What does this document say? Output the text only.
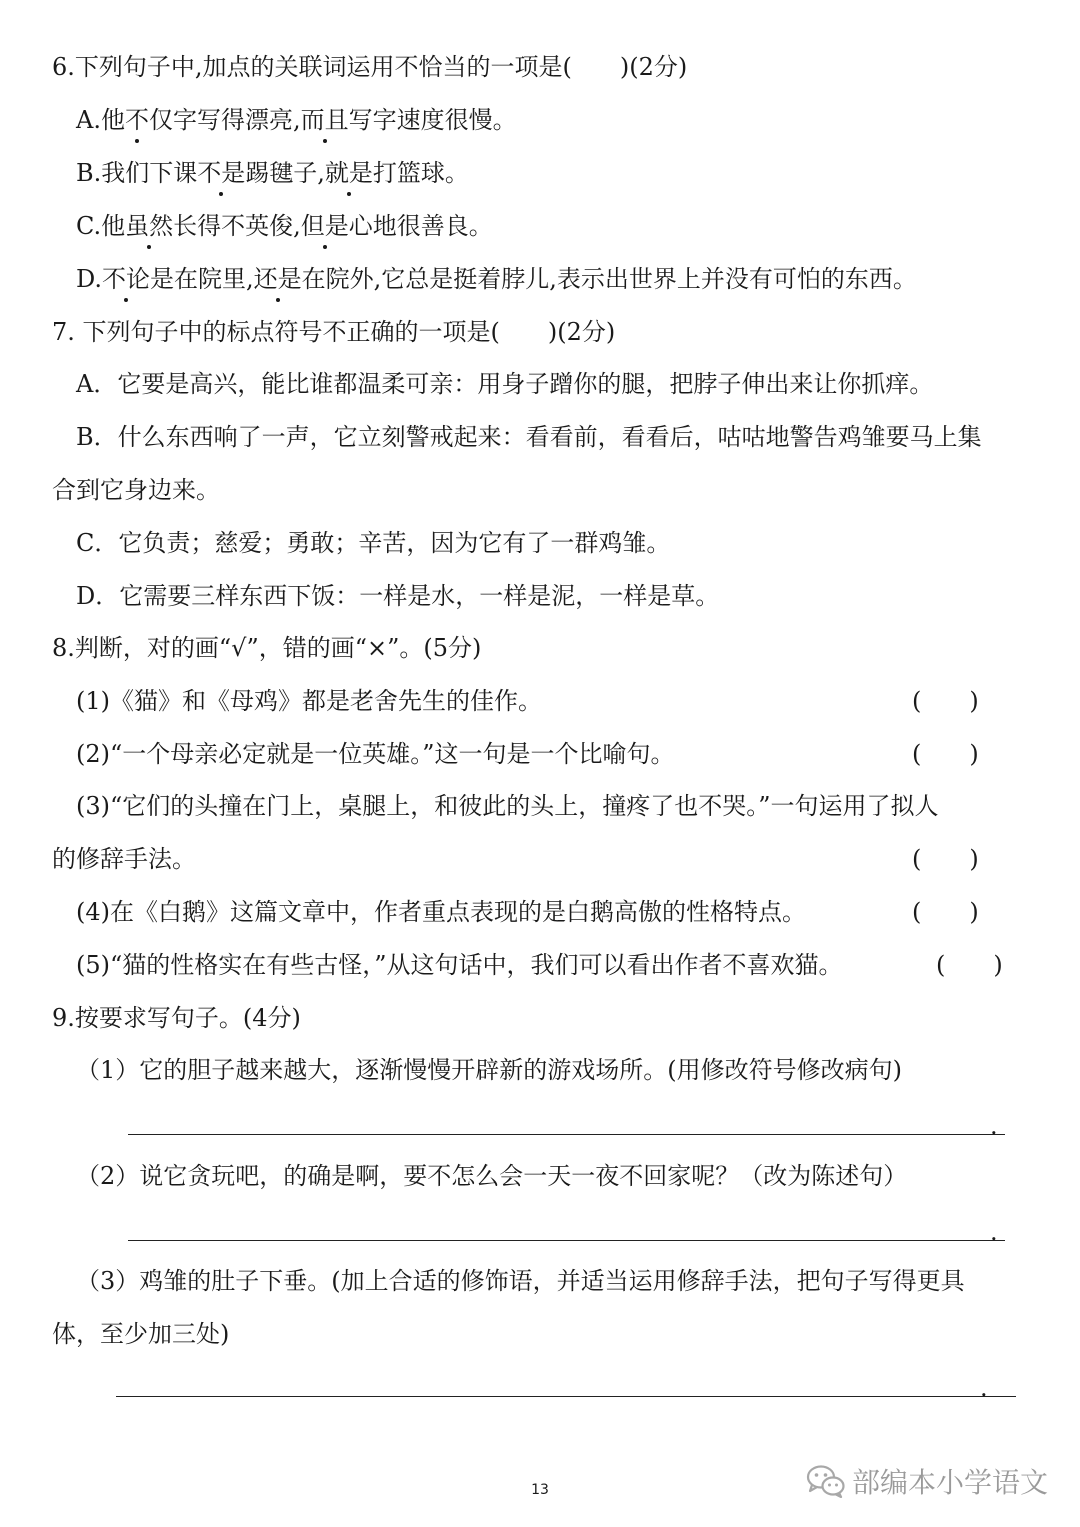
6.下列句子中,加点的关联词运用不恰当的一项是(　　)(2分)
A.他不仅字写得漂亮,而且写字速度很慢。
B.我们下课不是踢毽子,就是打篮球。
C.他虽然长得不英俊,但是心地很善良。
D.不论是在院里,还是在院外,它总是挺着脖儿,表示出世界上并没有可怕的东西。
7. 下列句子中的标点符号不正确的一项是(　　)(2分)
A．它要是高兴，能比谁都温柔可亲：用身子蹭你的腿，把脖子伸出来让你抓痒。
B．什么东西响了一声，它立刻警戒起来：看看前，看看后，咕咕地警告鸡雏要马上集
合到它身边来。
C．它负责；慈爱；勇敢；辛苦，因为它有了一群鸡雏。
D．它需要三样东西下饭：一样是水，一样是泥，一样是草。
8.判断，对的画“√”，错的画“×”。(5分)
(1)《猫》和《母鸡》都是老舍先生的佳作。	(　　)
(2)“一个母亲必定就是一位英雄。”这一句是一个比喻句。	(　　)
(3)“它们的头撞在门上，桌腿上，和彼此的头上，撞疼了也不哭。”一句运用了拟人
的修辞手法。	(　　)
(4)在《白鹅》这篇文章中，作者重点表现的是白鹅高傲的性格特点。	(　　)
(5)“猫的性格实在有些古怪，”从这句话中，我们可以看出作者不喜欢猫。	(　　)
9.按要求写句子。(4分)
（1）它的胆子越来越大，逐渐慢慢开辟新的游戏场所。(用修改符号修改病句)
.
（2）说它贪玩吧，的确是啊，要不怎么会一天一夜不回家呢？（改为陈述句）
.
（3）鸡雏的肚子下垂。(加上合适的修饰语，并适当运用修辞手法，把句子写得更具
体，至少加三处)
.
13	部编本小学语文
